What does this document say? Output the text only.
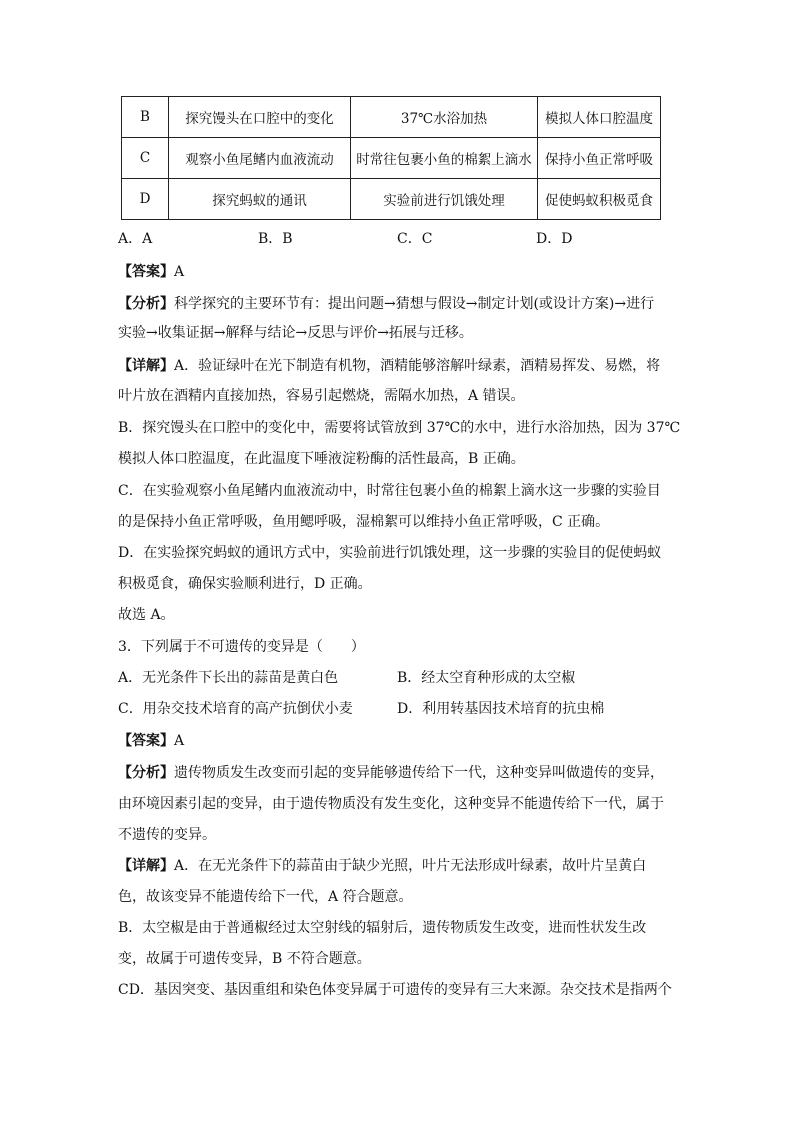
B	探究馒头在口腔中的变化	37℃水浴加热	模拟人体口腔温度
C	观察小鱼尾鳍内血液流动	时常往包裹小鱼的棉絮上滴水	保持小鱼正常呼吸
D	探究蚂蚁的通讯	实验前进行饥饿处理	促使蚂蚁积极觅食
A．A	B．B	C．C	D．D
【答案】A
【分析】科学探究的主要环节有：提出问题→猜想与假设→制定计划(或设计方案)→进行
实验→收集证据→解释与结论→反思与评价→拓展与迁移。
【详解】A．验证绿叶在光下制造有机物，酒精能够溶解叶绿素，酒精易挥发、易燃，将
叶片放在酒精内直接加热，容易引起燃烧，需隔水加热，A 错误。
B．探究馒头在口腔中的变化中，需要将试管放到 37℃的水中，进行水浴加热，因为 37℃
模拟人体口腔温度，在此温度下唾液淀粉酶的活性最高，B 正确。
C．在实验观察小鱼尾鳍内血液流动中，时常往包裹小鱼的棉絮上滴水这一步骤的实验目
的是保持小鱼正常呼吸，鱼用鳃呼吸，湿棉絮可以维持小鱼正常呼吸，C 正确。
D．在实验探究蚂蚁的通讯方式中，实验前进行饥饿处理，这一步骤的实验目的促使蚂蚁
积极觅食，确保实验顺利进行，D 正确。
故选 A。
3．下列属于不可遗传的变异是（　　）
A．无光条件下长出的蒜苗是黄白色	B．经太空育种形成的太空椒
C．用杂交技术培育的高产抗倒伏小麦	D．利用转基因技术培育的抗虫棉
【答案】A
【分析】遗传物质发生改变而引起的变异能够遗传给下一代，这种变异叫做遗传的变异，
由环境因素引起的变异，由于遗传物质没有发生变化，这种变异不能遗传给下一代，属于
不遗传的变异。
【详解】A．在无光条件下的蒜苗由于缺少光照，叶片无法形成叶绿素，故叶片呈黄白
色，故该变异不能遗传给下一代，A 符合题意。
B．太空椒是由于普通椒经过太空射线的辐射后，遗传物质发生改变，进而性状发生改
变，故属于可遗传变异，B 不符合题意。
CD．基因突变、基因重组和染色体变异属于可遗传的变异有三大来源。杂交技术是指两个
